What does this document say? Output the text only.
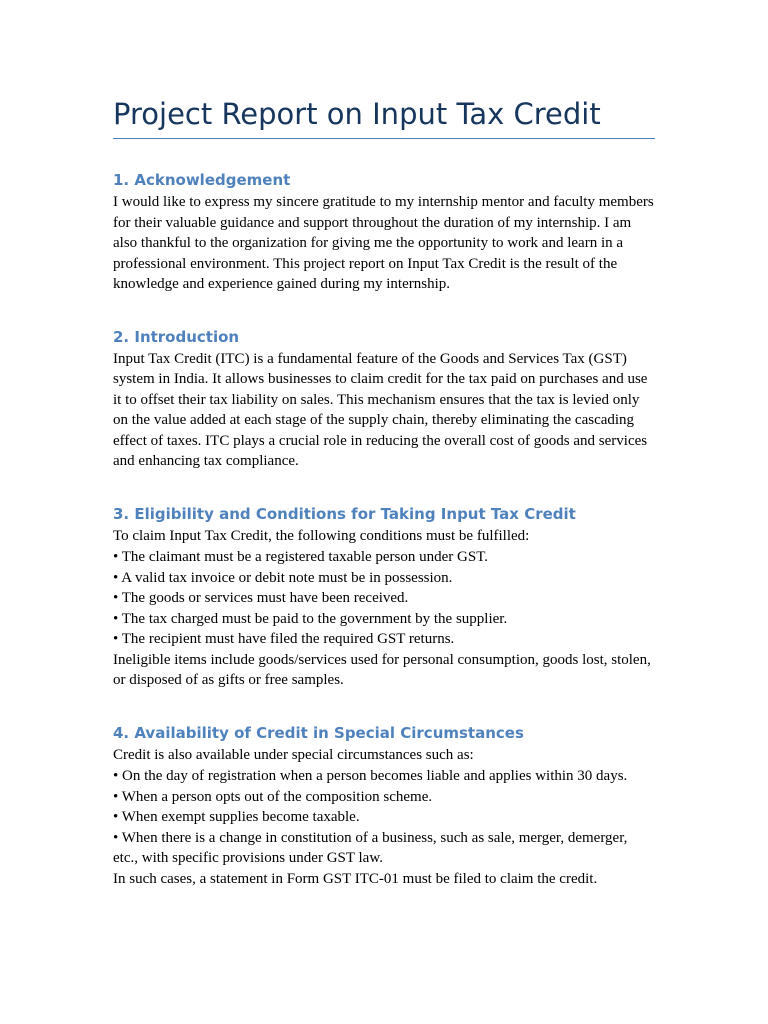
Project Report on Input Tax Credit
1. Acknowledgement

I would like to express my sincere gratitude to my internship mentor and faculty members for their valuable guidance and support throughout the duration of my internship. I am also thankful to the organization for giving me the opportunity to work and learn in a professional environment. This project report on Input Tax Credit is the result of the knowledge and experience gained during my internship.

2. Introduction

Input Tax Credit (ITC) is a fundamental feature of the Goods and Services Tax (GST) system in India. It allows businesses to claim credit for the tax paid on purchases and use it to offset their tax liability on sales. This mechanism ensures that the tax is levied only on the value added at each stage of the supply chain, thereby eliminating the cascading effect of taxes. ITC plays a crucial role in reducing the overall cost of goods and services and enhancing tax compliance.

3. Eligibility and Conditions for Taking Input Tax Credit

To claim Input Tax Credit, the following conditions must be fulfilled:

• The claimant must be a registered taxable person under GST.
• A valid tax invoice or debit note must be in possession.
• The goods or services must have been received.
• The tax charged must be paid to the government by the supplier.
• The recipient must have filed the required GST returns.

Ineligible items include goods/services used for personal consumption, goods lost, stolen, or disposed of as gifts or free samples.

4. Availability of Credit in Special Circumstances

Credit is also available under special circumstances such as:

• On the day of registration when a person becomes liable and applies within 30 days.
• When a person opts out of the composition scheme.
• When exempt supplies become taxable.
• When there is a change in constitution of a business, such as sale, merger, demerger, etc., with specific provisions under GST law.

In such cases, a statement in Form GST ITC-01 must be filed to claim the credit.
